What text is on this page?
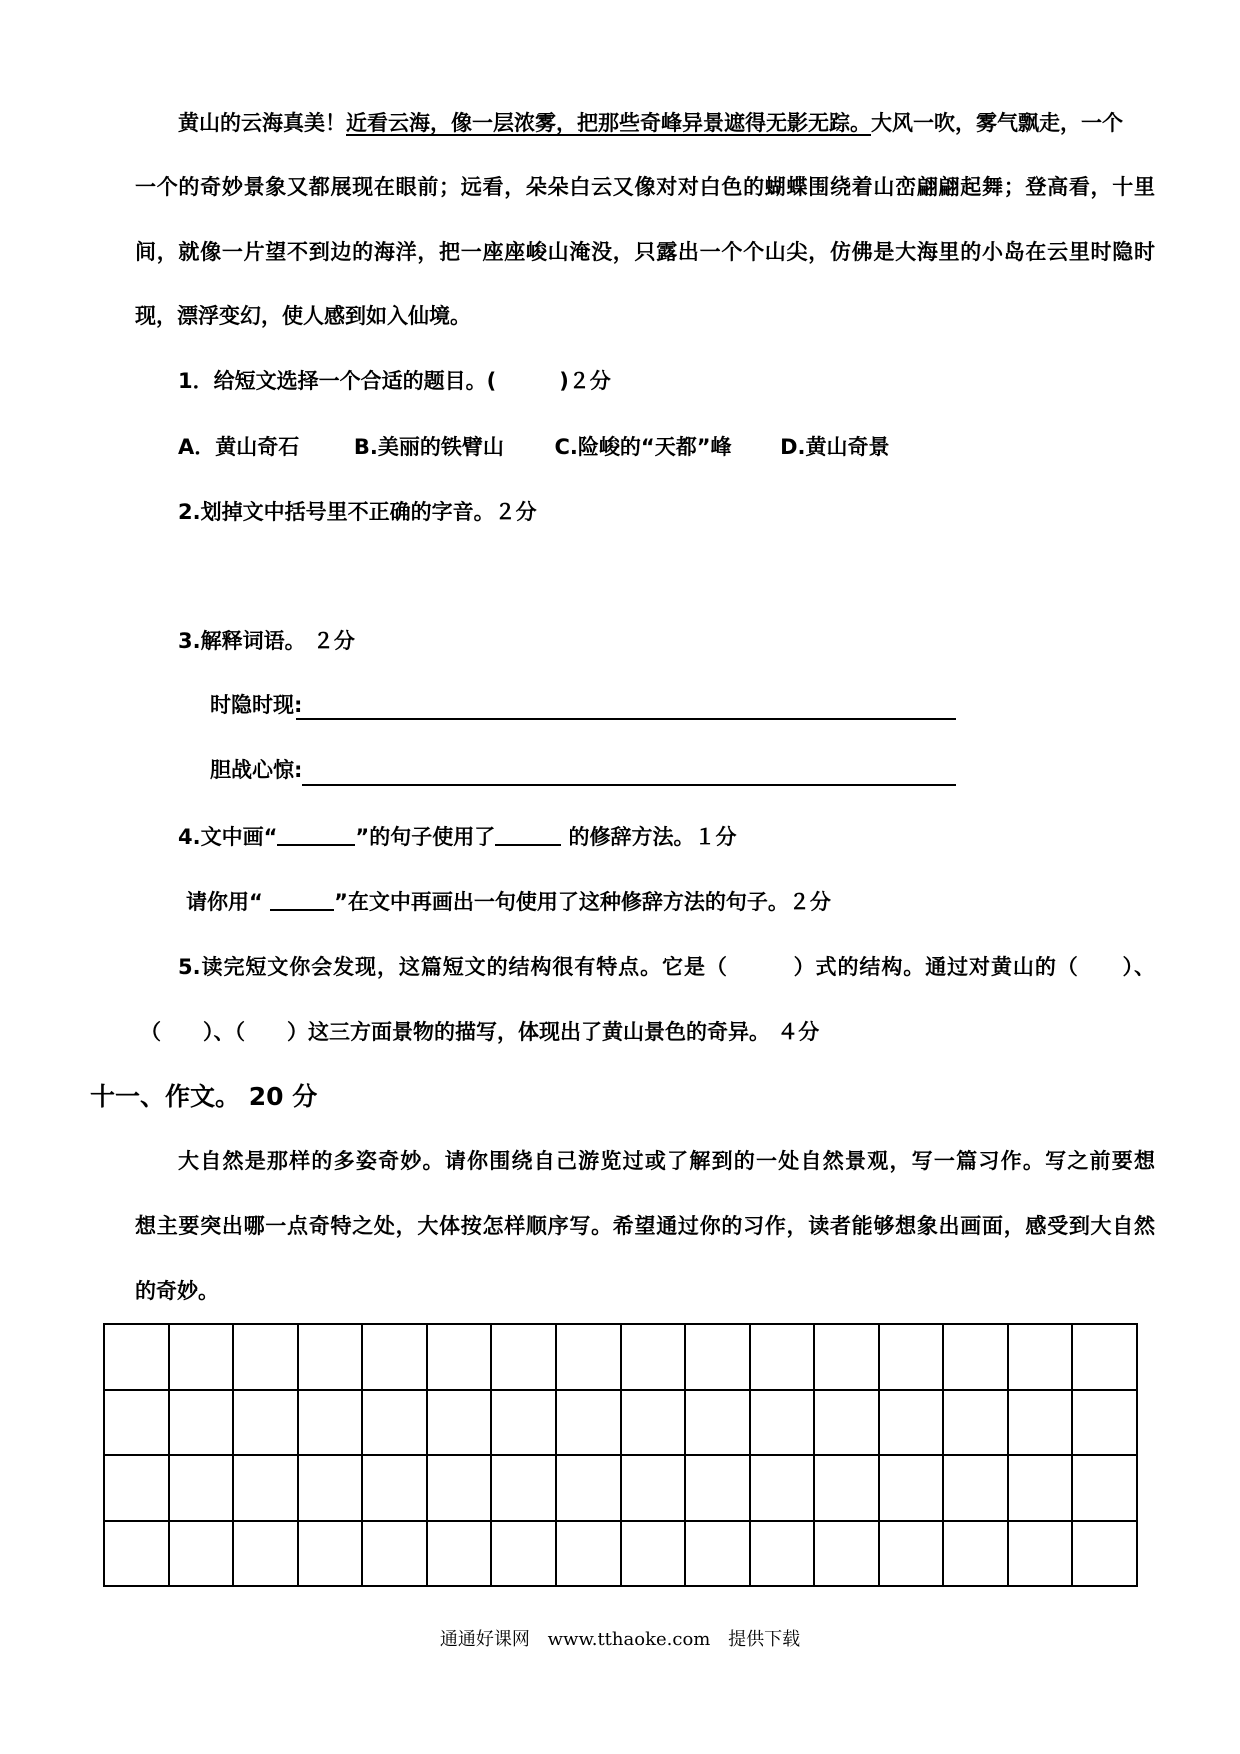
黄山的云海真美！近看云海，像一层浓雾，把那些奇峰异景遮得无影无踪。大风一吹，雾气飘走，一个
一个的奇妙景象又都展现在眼前；远看，朵朵白云又像对对白色的蝴蝶围绕着山峦翩翩起舞；登高看，十里
间，就像一片望不到边的海洋，把一座座峻山淹没，只露出一个个山尖，仿佛是大海里的小岛在云里时隐时
现，漂浮变幻，使人感到如入仙境。
1．给短文选择一个合适的题目。(　　　)２分
A．黄山奇石	B.美丽的铁臂山 C.险峻的“天都”峰 D.黄山奇景
2.划掉文中括号里不正确的字音。２分
3.解释词语。 ２分
时隐时现:
胆战心惊:
4.文中画“	”的句子使用了	的修辞方法。１分
请你用“	”在文中再画出一句使用了这种修辞方法的句子。２分
5.读完短文你会发现，这篇短文的结构很有特点。它是（　　　）式的结构。通过对黄山的（　　）、
（　　）、（　　）这三方面景物的描写，体现出了黄山景色的奇异。 ４分
十一、作文。 20 分
大自然是那样的多姿奇妙。请你围绕自己游览过或了解到的一处自然景观，写一篇习作。写之前要想
想主要突出哪一点奇特之处，大体按怎样顺序写。希望通过你的习作，读者能够想象出画面，感受到大自然
的奇妙。
通通好课网 www.tthaoke.com 提供下载
